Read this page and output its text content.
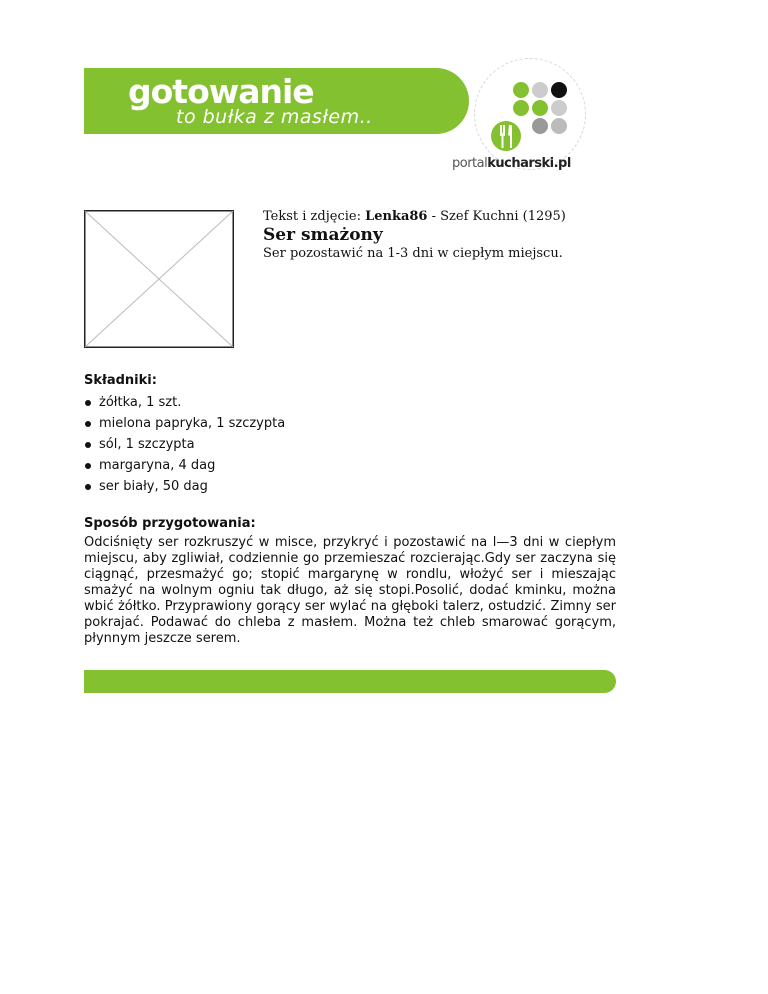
gotowanie
to bułka z masłem..
portalkucharski.pl
Tekst i zdjęcie: Lenka86 - Szef Kuchni (1295)
Ser smażony
Ser pozostawić na 1-3 dni w ciepłym miejscu.
Składniki:
żółtka, 1 szt.
mielona papryka, 1 szczypta
sól, 1 szczypta
margaryna, 4 dag
ser biały, 50 dag
Sposób przygotowania:

Odciśnięty ser rozkruszyć w misce, przykryć i pozostawić na l—3 dni w ciepłym miejscu, aby zgliwiał, codziennie go przemieszać rozcierając.Gdy ser zaczyna się ciągnąć, przesmażyć go; stopić margarynę w rondlu, włożyć ser i mieszając smażyć na wolnym ogniu tak długo, aż się stopi.Posolić, dodać kminku, można wbić żółtko. Przyprawiony gorący ser wylać na głęboki talerz, ostudzić. Zimny ser pokrajać. Podawać do chleba z masłem. Można też chleb smarować gorącym, płynnym jeszcze serem.
